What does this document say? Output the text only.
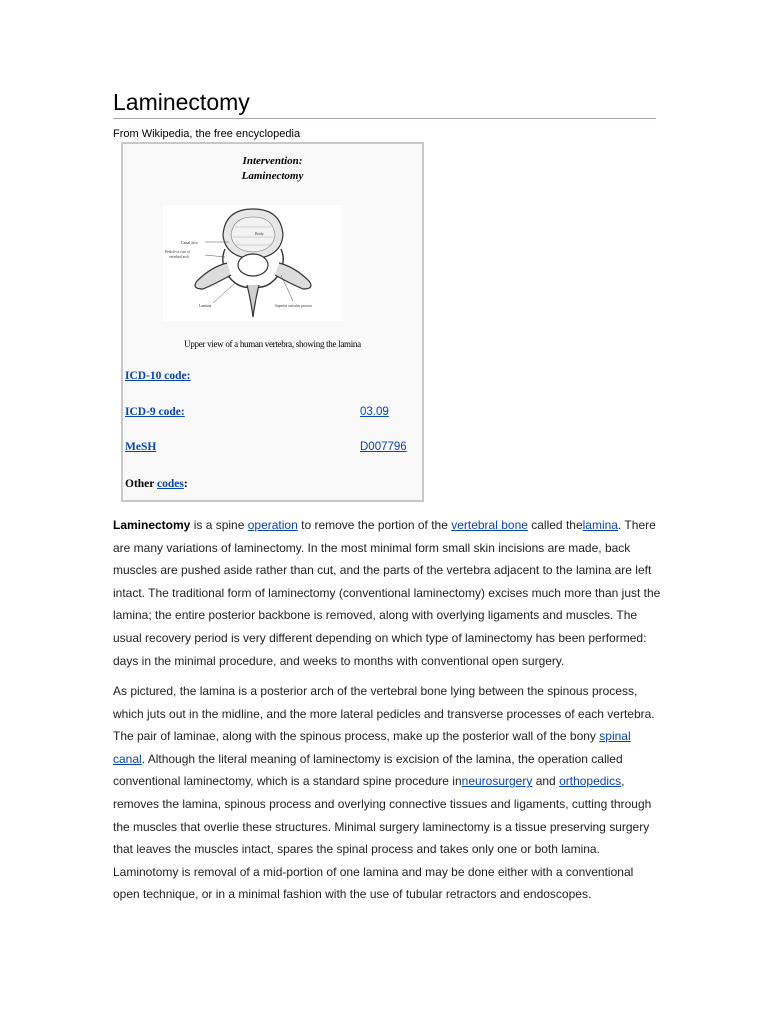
Laminectomy
From Wikipedia, the free encyclopedia
Intervention:
Laminectomy
Body
Canal face
Pedicle or root of
vertebral arch
Lamina	Superior articular process
Upper view of a human vertebra, showing the lamina
ICD-10 code:
ICD-9 code:	03.09
MeSH	D007796
Other codes:

Laminectomy is a spine operation to remove the portion of the vertebral bone called thelamina. There are many variations of laminectomy. In the most minimal form small skin incisions are made, back muscles are pushed aside rather than cut, and the parts of the vertebra adjacent to the lamina are left intact. The traditional form of laminectomy (conventional laminectomy) excises much more than just the lamina; the entire posterior backbone is removed, along with overlying ligaments and muscles. The usual recovery period is very different depending on which type of laminectomy has been performed: days in the minimal procedure, and weeks to months with conventional open surgery.

As pictured, the lamina is a posterior arch of the vertebral bone lying between the spinous process, which juts out in the midline, and the more lateral pedicles and transverse processes of each vertebra. The pair of laminae, along with the spinous process, make up the posterior wall of the bony spinal canal. Although the literal meaning of laminectomy is excision of the lamina, the operation called conventional laminectomy, which is a standard spine procedure inneurosurgery and orthopedics, removes the lamina, spinous process and overlying connective tissues and ligaments, cutting through the muscles that overlie these structures. Minimal surgery laminectomy is a tissue preserving surgery that leaves the muscles intact, spares the spinal process and takes only one or both lamina. Laminotomy is removal of a mid-portion of one lamina and may be done either with a conventional open technique, or in a minimal fashion with the use of tubular retractors and endoscopes.
